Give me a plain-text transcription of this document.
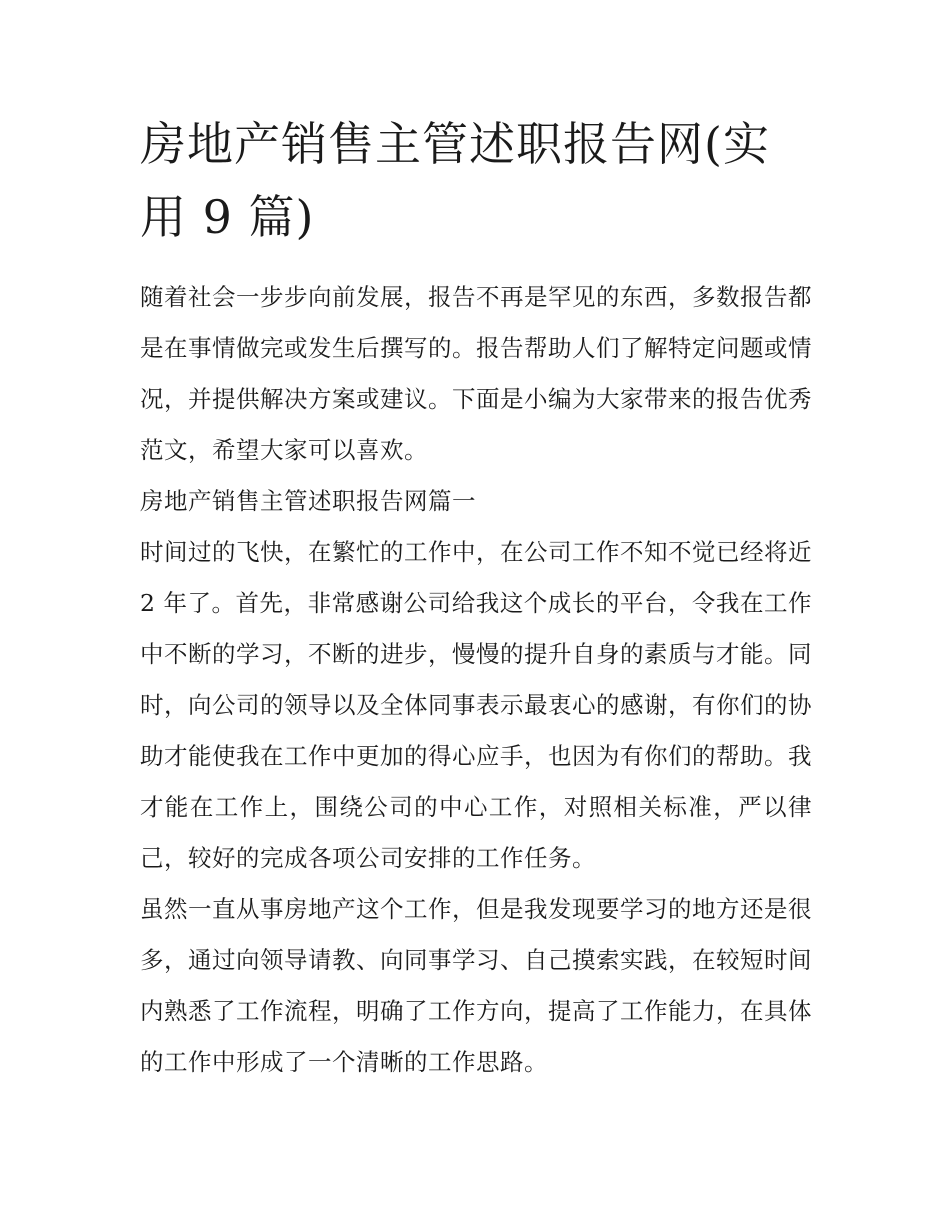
房地产销售主管述职报告网(实用 9 篇)

随着社会一步步向前发展，报告不再是罕见的东西，多数报告都是在事情做完或发生后撰写的。报告帮助人们了解特定问题或情况，并提供解决方案或建议。下面是小编为大家带来的报告优秀范文，希望大家可以喜欢。

房地产销售主管述职报告网篇一

时间过的飞快，在繁忙的工作中，在公司工作不知不觉已经将近 2 年了。首先，非常感谢公司给我这个成长的平台，令我在工作中不断的学习，不断的进步，慢慢的提升自身的素质与才能。同时，向公司的领导以及全体同事表示最衷心的感谢，有你们的协助才能使我在工作中更加的得心应手，也因为有你们的帮助。我才能在工作上，围绕公司的中心工作，对照相关标准，严以律己，较好的完成各项公司安排的工作任务。

虽然一直从事房地产这个工作，但是我发现要学习的地方还是很多，通过向领导请教、向同事学习、自己摸索实践，在较短时间内熟悉了工作流程，明确了工作方向，提高了工作能力，在具体的工作中形成了一个清晰的工作思路。
